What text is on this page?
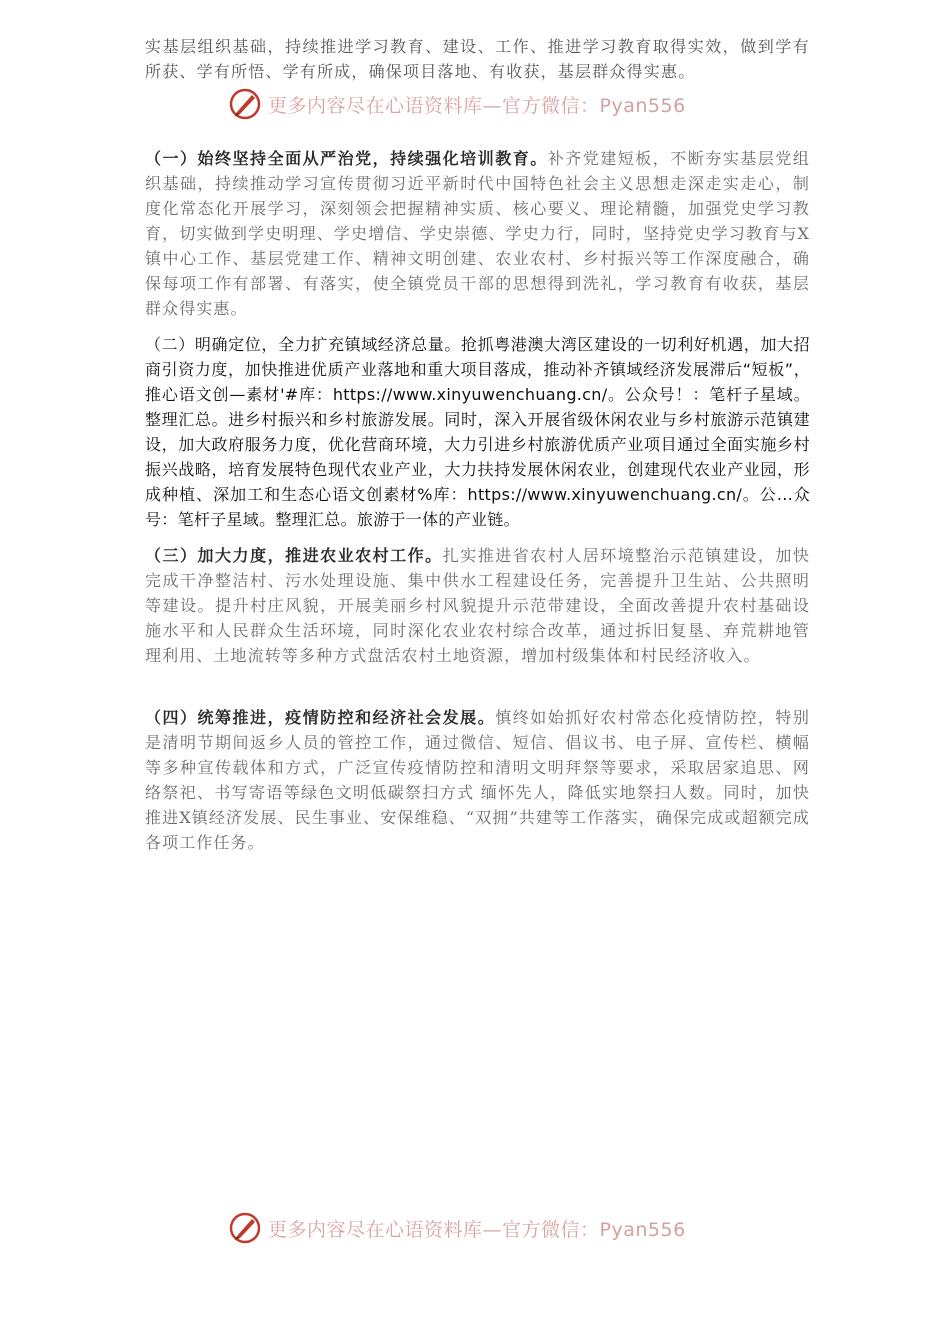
实基层组织基础，持续推进学习教育、建设、工作、推进学习教育取得实效，做到学有所获、学有所悟、学有所成，确保项目落地、有收获，基层群众得实惠。

更多内容尽在心语资料库—官方微信：Pyan556

（一）始终坚持全面从严治党，持续强化培训教育。补齐党建短板，不断夯实基层党组织基础，持续推动学习宣传贯彻习近平新时代中国特色社会主义思想走深走实走心，制度化常态化开展学习，深刻领会把握精神实质、核心要义、理论精髓，加强党史学习教育，切实做到学史明理、学史增信、学史崇德、学史力行，同时，坚持党史学习教育与X镇中心工作、基层党建工作、精神文明创建、农业农村、乡村振兴等工作深度融合，确保每项工作有部署、有落实，使全镇党员干部的思想得到洗礼，学习教育有收获，基层群众得实惠。

（二）明确定位，全力扩充镇域经济总量。抢抓粤港澳大湾区建设的一切利好机遇，加大招商引资力度，加快推进优质产业落地和重大项目落成，推动补齐镇域经济发展滞后“短板”，推心语文创—素材'#库：https://www.xinyuwenchuang.cn/。公众号！：笔杆子星域。整理汇总。进乡村振兴和乡村旅游发展。同时，深入开展省级休闲农业与乡村旅游示范镇建设，加大政府服务力度，优化营商环境，大力引进乡村旅游优质产业项目通过全面实施乡村振兴战略，培育发展特色现代农业产业，大力扶持发展休闲农业，创建现代农业产业园，形成种植、深加工和生态心语文创素材%库：https://www.xinyuwenchuang.cn/。公...众号：笔杆子星域。整理汇总。旅游于一体的产业链。

（三）加大力度，推进农业农村工作。扎实推进省农村人居环境整治示范镇建设，加快完成干净整洁村、污水处理设施、集中供水工程建设任务，完善提升卫生站、公共照明等建设。提升村庄风貌，开展美丽乡村风貌提升示范带建设，全面改善提升农村基础设施水平和人民群众生活环境，同时深化农业农村综合改革，通过拆旧复垦、弃荒耕地管理利用、土地流转等多种方式盘活农村土地资源，增加村级集体和村民经济收入。

（四）统筹推进，疫情防控和经济社会发展。慎终如始抓好农村常态化疫情防控，特别是清明节期间返乡人员的管控工作，通过微信、短信、倡议书、电子屏、宣传栏、横幅等多种宣传载体和方式，广泛宣传疫情防控和清明文明拜祭等要求，采取居家追思、网络祭祀、书写寄语等绿色文明低碳祭扫方式 缅怀先人，降低实地祭扫人数。同时，加快推进X镇经济发展、民生事业、安保维稳、“双拥”共建等工作落实，确保完成或超额完成各项工作任务。

更多内容尽在心语资料库—官方微信：Pyan556
